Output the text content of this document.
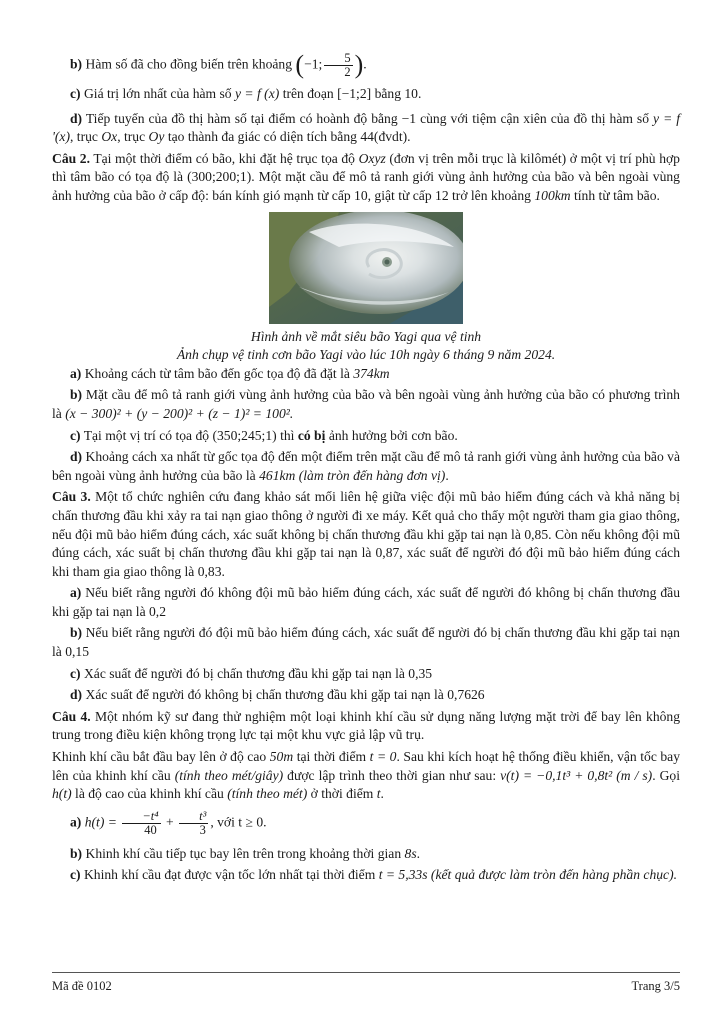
b) Hàm số đã cho đồng biến trên khoảng (−1; $\frac{5}{2}$ ).

c) Giá trị lớn nhất của hàm số y = f (x) trên đoạn [−1;2] bằng 10.

d) Tiếp tuyến của đồ thị hàm số tại điểm có hoành độ bằng −1 cùng với tiệm cận xiên của đồ thị hàm số y = f '(x), trục Ox, trục Oy tạo thành đa giác có diện tích bằng 44(đvdt).

Câu 2. Tại một thời điểm có bão, khi đặt hệ trục tọa độ Oxyz (đơn vị trên mỗi trục là kilômét) ở một vị trí phù hợp thì tâm bão có tọa độ là (300;200;1). Một mặt cầu để mô tả ranh giới vùng ảnh hưởng của bão và bên ngoài vùng ảnh hưởng của bão ở cấp độ: bán kính gió mạnh từ cấp 10, giật từ cấp 12 trở lên khoảng 100km tính từ tâm bão.

Hình ảnh về mắt siêu bão Yagi qua vệ tinh

Ảnh chụp vệ tinh cơn bão Yagi vào lúc 10h ngày 6 tháng 9 năm 2024.

a) Khoảng cách từ tâm bão đến gốc tọa độ đã đặt là 374km

b) Mặt cầu để mô tả ranh giới vùng ảnh hưởng của bão và bên ngoài vùng ảnh hưởng của bão có phương trình là (x − 300)² + (y − 200)² + (z − 1)² = 100².

c) Tại một vị trí có tọa độ (350;245;1) thì có bị ảnh hưởng bởi cơn bão.

d) Khoảng cách xa nhất từ gốc tọa độ đến một điểm trên mặt cầu để mô tả ranh giới vùng ảnh hưởng của bão và bên ngoài vùng ảnh hưởng của bão là 461km (làm tròn đến hàng đơn vị).

Câu 3. Một tổ chức nghiên cứu đang khảo sát mối liên hệ giữa việc đội mũ bảo hiểm đúng cách và khả năng bị chấn thương đầu khi xảy ra tai nạn giao thông ở người đi xe máy. Kết quả cho thấy một người tham gia giao thông, nếu đội mũ bảo hiểm đúng cách, xác suất không bị chấn thương đầu khi gặp tai nạn là 0,85. Còn nếu không đội mũ đúng cách, xác suất bị chấn thương đầu khi gặp tai nạn là 0,87, xác suất để người đó đội mũ bảo hiểm đúng cách khi tham gia giao thông là 0,83.

a) Nếu biết rằng người đó không đội mũ bảo hiểm đúng cách, xác suất để người đó không bị chấn thương đầu khi gặp tai nạn là 0,2

b) Nếu biết rằng người đó đội mũ bảo hiểm đúng cách, xác suất để người đó bị chấn thương đầu khi gặp tai nạn là 0,15

c) Xác suất để người đó bị chấn thương đầu khi gặp tai nạn là 0,35

d) Xác suất để người đó không bị chấn thương đầu khi gặp tai nạn là 0,7626

Câu 4. Một nhóm kỹ sư đang thử nghiệm một loại khinh khí cầu sử dụng năng lượng mặt trời để bay lên không trung trong điều kiện không trọng lực tại một khu vực giả lập vũ trụ.

Khinh khí cầu bắt đầu bay lên ở độ cao 50m tại thời điểm t = 0. Sau khi kích hoạt hệ thống điều khiển, vận tốc bay lên của khinh khí cầu (tính theo mét/giây) được lập trình theo thời gian như sau: v(t) = −0,1t³ + 0,8t² (m / s). Gọi h(t) là độ cao của khinh khí cầu (tính theo mét) ở thời điểm t.

a) $h(t) = \frac{\text{−t⁴}}{40} + \frac{\text{t³}}{3}$ , với t ≥ 0.

b) Khinh khí cầu tiếp tục bay lên trên trong khoảng thời gian 8s.

c) Khinh khí cầu đạt được vận tốc lớn nhất tại thời điểm t = 5,33s (kết quả được làm tròn đến hàng phần chục).

Mã đề 0102	Trang 3/5
